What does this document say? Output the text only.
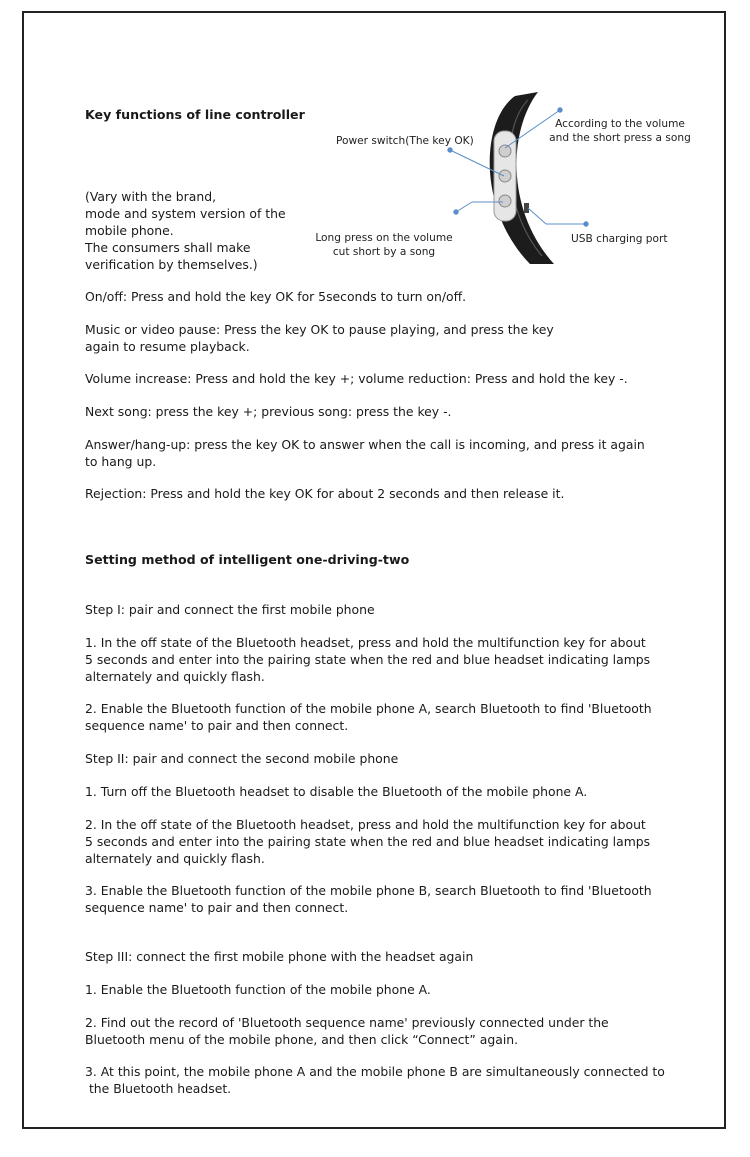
Key functions of line controller
Power switch(The key OK)
According to the volume
and the short press a song
Long press on the volume
cut short by a song
USB charging port
(Vary with the brand,
mode and system version of the
mobile phone.
The consumers shall make
verification by themselves.)
On/off: Press and hold the key OK for 5seconds to turn on/off.
Music or video pause: Press the key OK to pause playing, and press the key
again to resume playback.
Volume increase: Press and hold the key +; volume reduction: Press and hold the key -.
Next song: press the key +; previous song: press the key -.
Answer/hang-up: press the key OK to answer when the call is incoming, and press it again
to hang up.
Rejection: Press and hold the key OK for about 2 seconds and then release it.
Setting method of intelligent one-driving-two
Step I: pair and connect the first mobile phone
1. In the off state of the Bluetooth headset, press and hold the multifunction key for about
5 seconds and enter into the pairing state when the red and blue headset indicating lamps
alternately and quickly flash.
2. Enable the Bluetooth function of the mobile phone A, search Bluetooth to find 'Bluetooth
sequence name' to pair and then connect.
Step II: pair and connect the second mobile phone
1. Turn off the Bluetooth headset to disable the Bluetooth of the mobile phone A.
2. In the off state of the Bluetooth headset, press and hold the multifunction key for about
5 seconds and enter into the pairing state when the red and blue headset indicating lamps
alternately and quickly flash.
3. Enable the Bluetooth function of the mobile phone B, search Bluetooth to find 'Bluetooth
sequence name' to pair and then connect.
Step III: connect the first mobile phone with the headset again
1. Enable the Bluetooth function of the mobile phone A.
2. Find out the record of 'Bluetooth sequence name' previously connected under the
Bluetooth menu of the mobile phone, and then click “Connect” again.
3. At this point, the mobile phone A and the mobile phone B are simultaneously connected to
the Bluetooth headset.
